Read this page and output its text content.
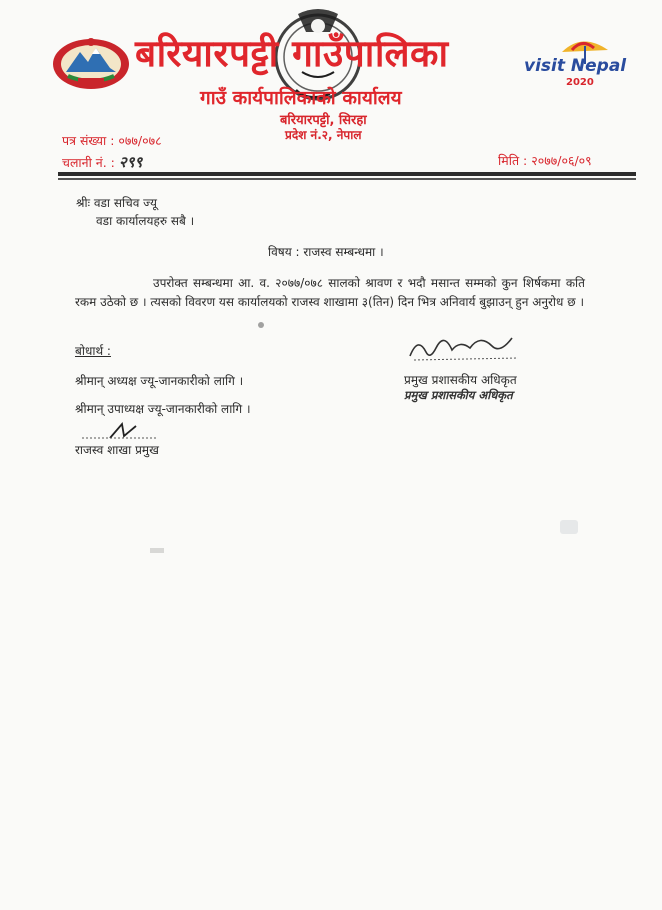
बरियारपट्टी गाउँपालिका
गाउँ कार्यपालिकाको कार्यालय
बरियारपट्टी, सिरहा
प्रदेश नं.२, नेपाल
visit Nepal
2020
पत्र संख्या : ०७७/०७८
चलानी नं. : २९९	मिति : २०७७/०६/०९
श्रीः वडा सचिव ज्यू
वडा कार्यालयहरु सबै ।
विषय : राजस्व सम्बन्धमा ।
उपरोक्त सम्बन्धमा आ. व. २०७७/०७८ सालको श्रावण र भदौ मसान्त सम्मको कुन शिर्षकमा कति रकम उठेको छ । त्यसको विवरण यस कार्यालयको राजस्व शाखामा ३(तिन) दिन भित्र अनिवार्य बुझाउन् हुन अनुरोध छ ।
प्रमुख प्रशासकीय अधिकृत
प्रमुख प्रशासकीय अधिकृत
बोधार्थ :
श्रीमान् अध्यक्ष ज्यू-जानकारीको लागि ।
श्रीमान् उपाध्यक्ष ज्यू-जानकारीको लागि ।
राजस्व शाखा प्रमुख
